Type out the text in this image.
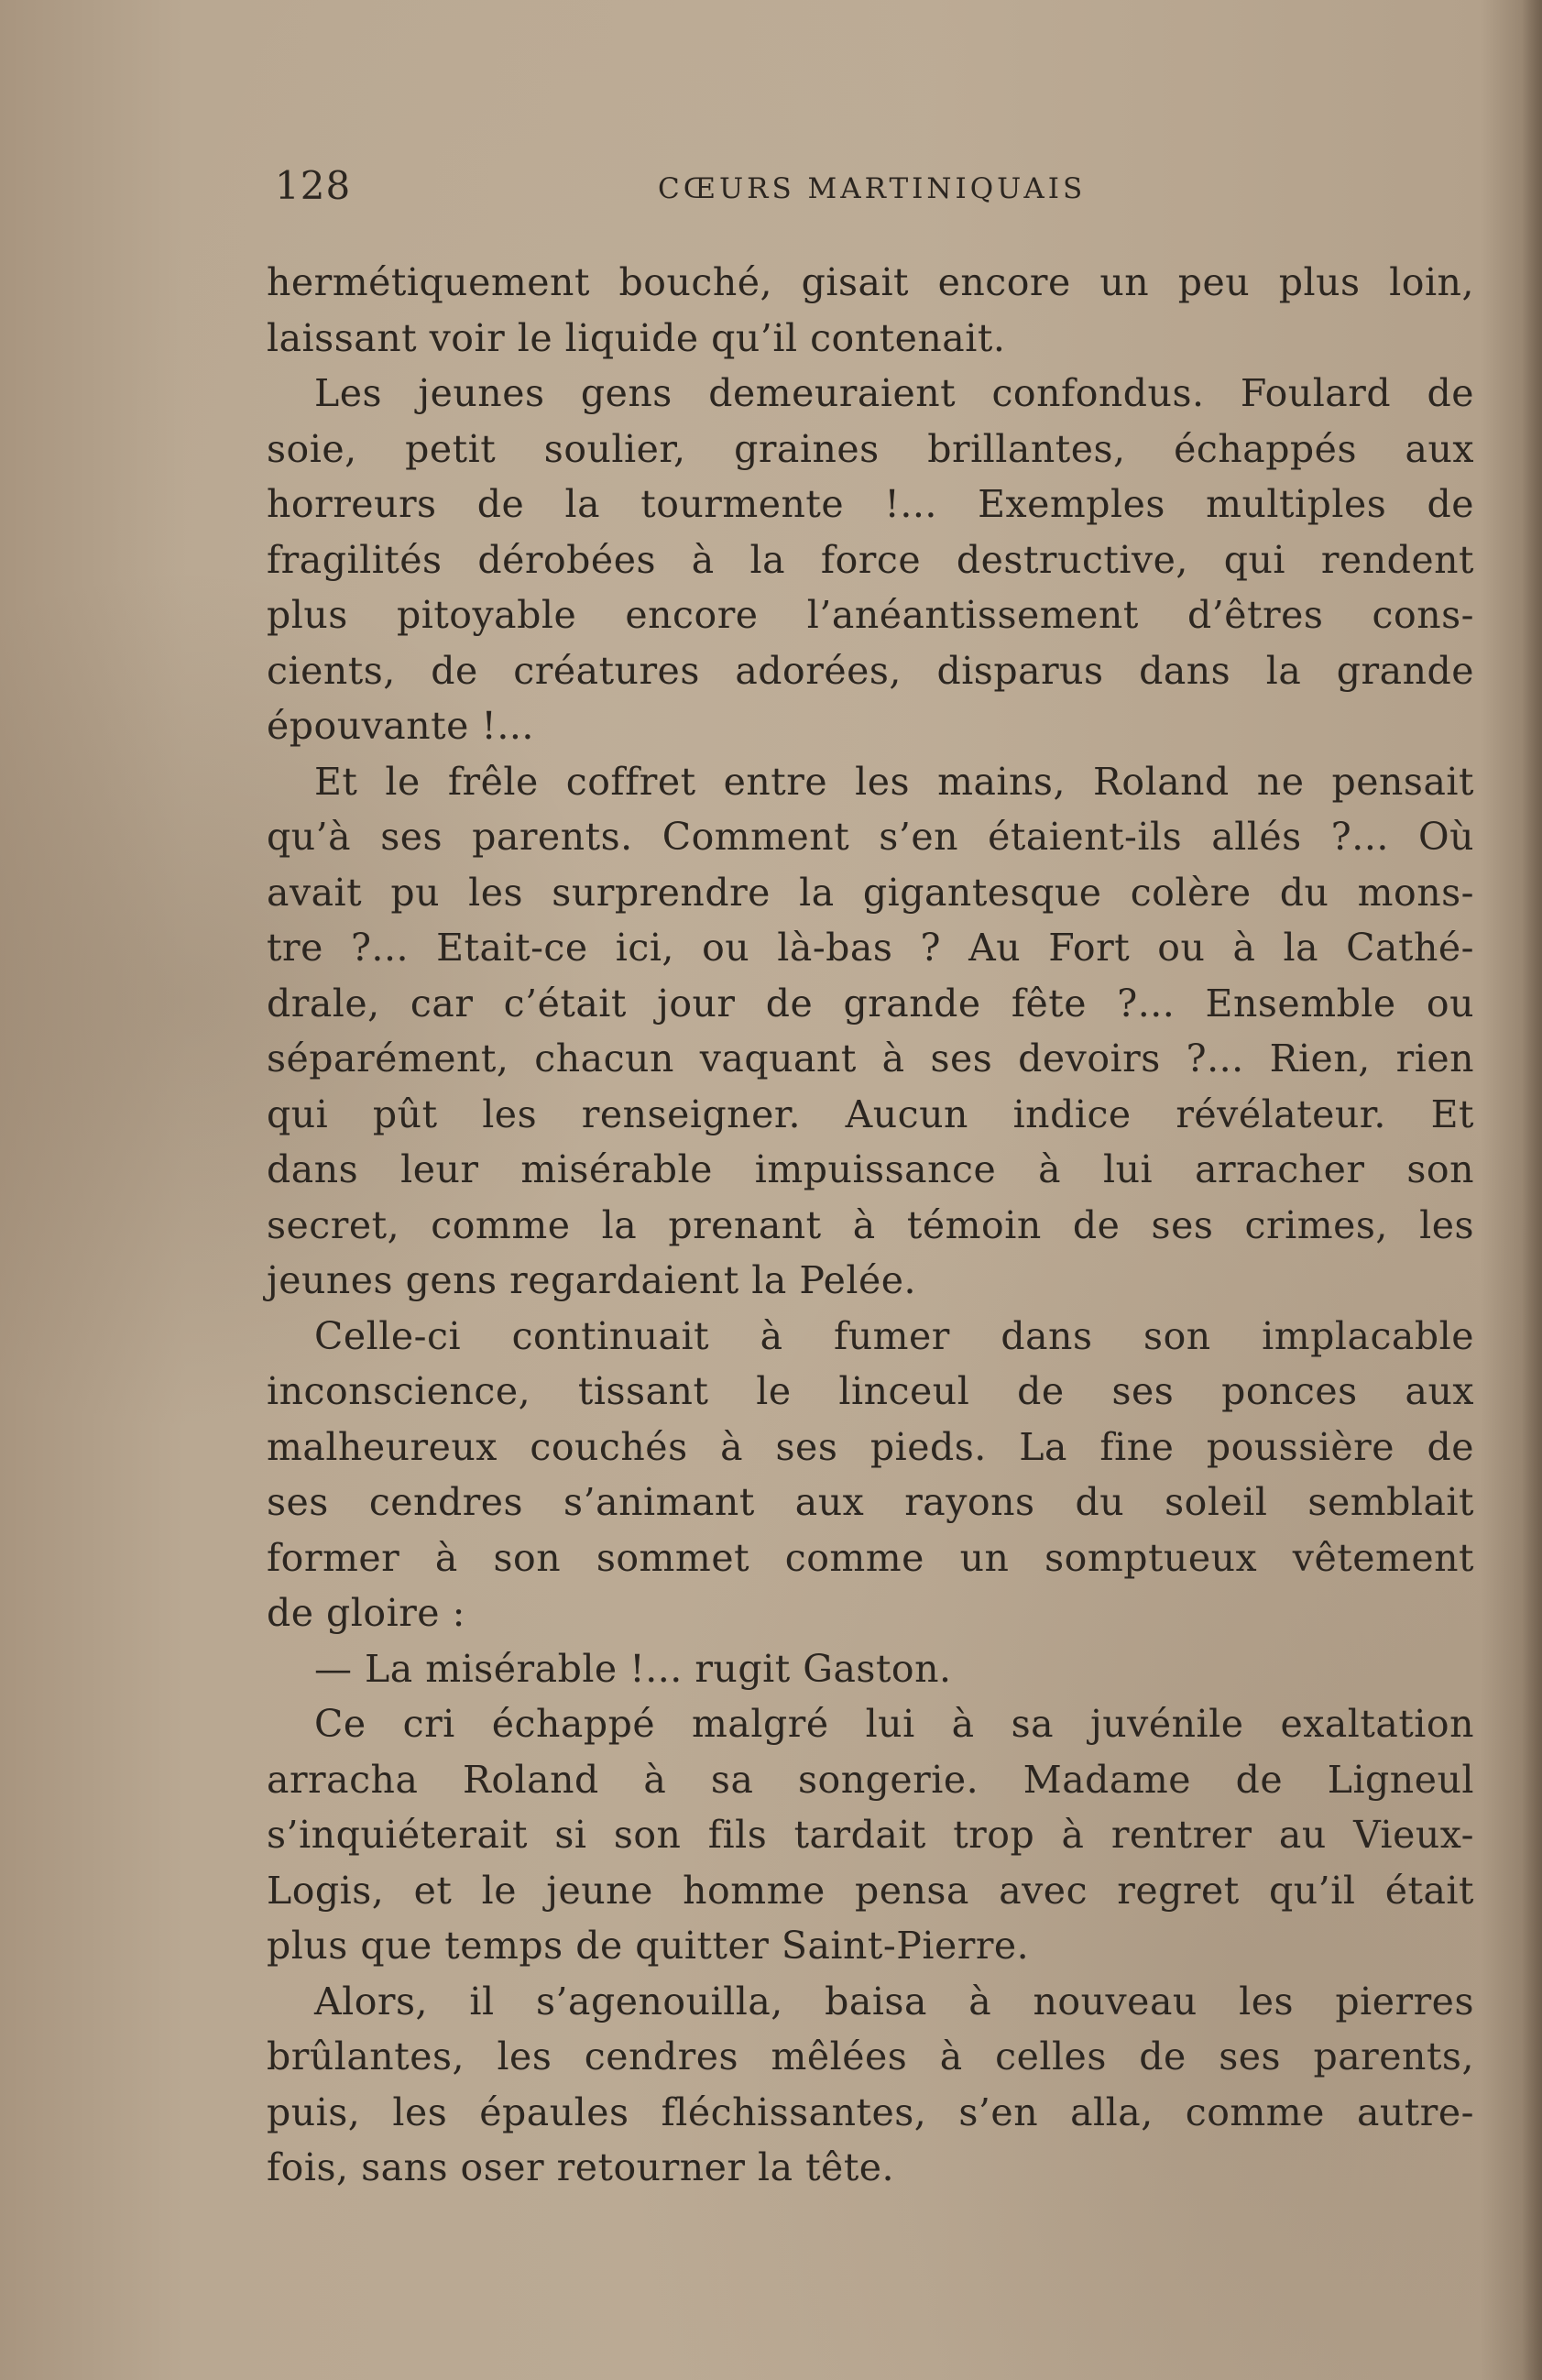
128	CŒURS MARTINIQUAIS
hermétiquement bouché, gisait encore un peu plus loin,
laissant voir le liquide qu’il contenait.
Les jeunes gens demeuraient confondus. Foulard de
soie, petit soulier, graines brillantes, échappés aux
horreurs de la tourmente !... Exemples multiples de
fragilités dérobées à la force destructive, qui rendent
plus pitoyable encore l’anéantissement d’êtres cons-
cients, de créatures adorées, disparus dans la grande
épouvante !...
Et le frêle coffret entre les mains, Roland ne pensait
qu’à ses parents. Comment s’en étaient-ils allés ?... Où
avait pu les surprendre la gigantesque colère du mons-
tre ?... Etait-ce ici, ou là-bas ? Au Fort ou à la Cathé-
drale, car c’était jour de grande fête ?... Ensemble ou
séparément, chacun vaquant à ses devoirs ?... Rien, rien
qui pût les renseigner. Aucun indice révélateur. Et
dans leur misérable impuissance à lui arracher son
secret, comme la prenant à témoin de ses crimes, les
jeunes gens regardaient la Pelée.
Celle-ci continuait à fumer dans son implacable
inconscience, tissant le linceul de ses ponces aux
malheureux couchés à ses pieds. La fine poussière de
ses cendres s’animant aux rayons du soleil semblait
former à son sommet comme un somptueux vêtement
de gloire :
— La misérable !... rugit Gaston.
Ce cri échappé malgré lui à sa juvénile exaltation
arracha Roland à sa songerie. Madame de Ligneul
s’inquiéterait si son fils tardait trop à rentrer au Vieux-
Logis, et le jeune homme pensa avec regret qu’il était
plus que temps de quitter Saint-Pierre.
Alors, il s’agenouilla, baisa à nouveau les pierres
brûlantes, les cendres mêlées à celles de ses parents,
puis, les épaules fléchissantes, s’en alla, comme autre-
fois, sans oser retourner la tête.
